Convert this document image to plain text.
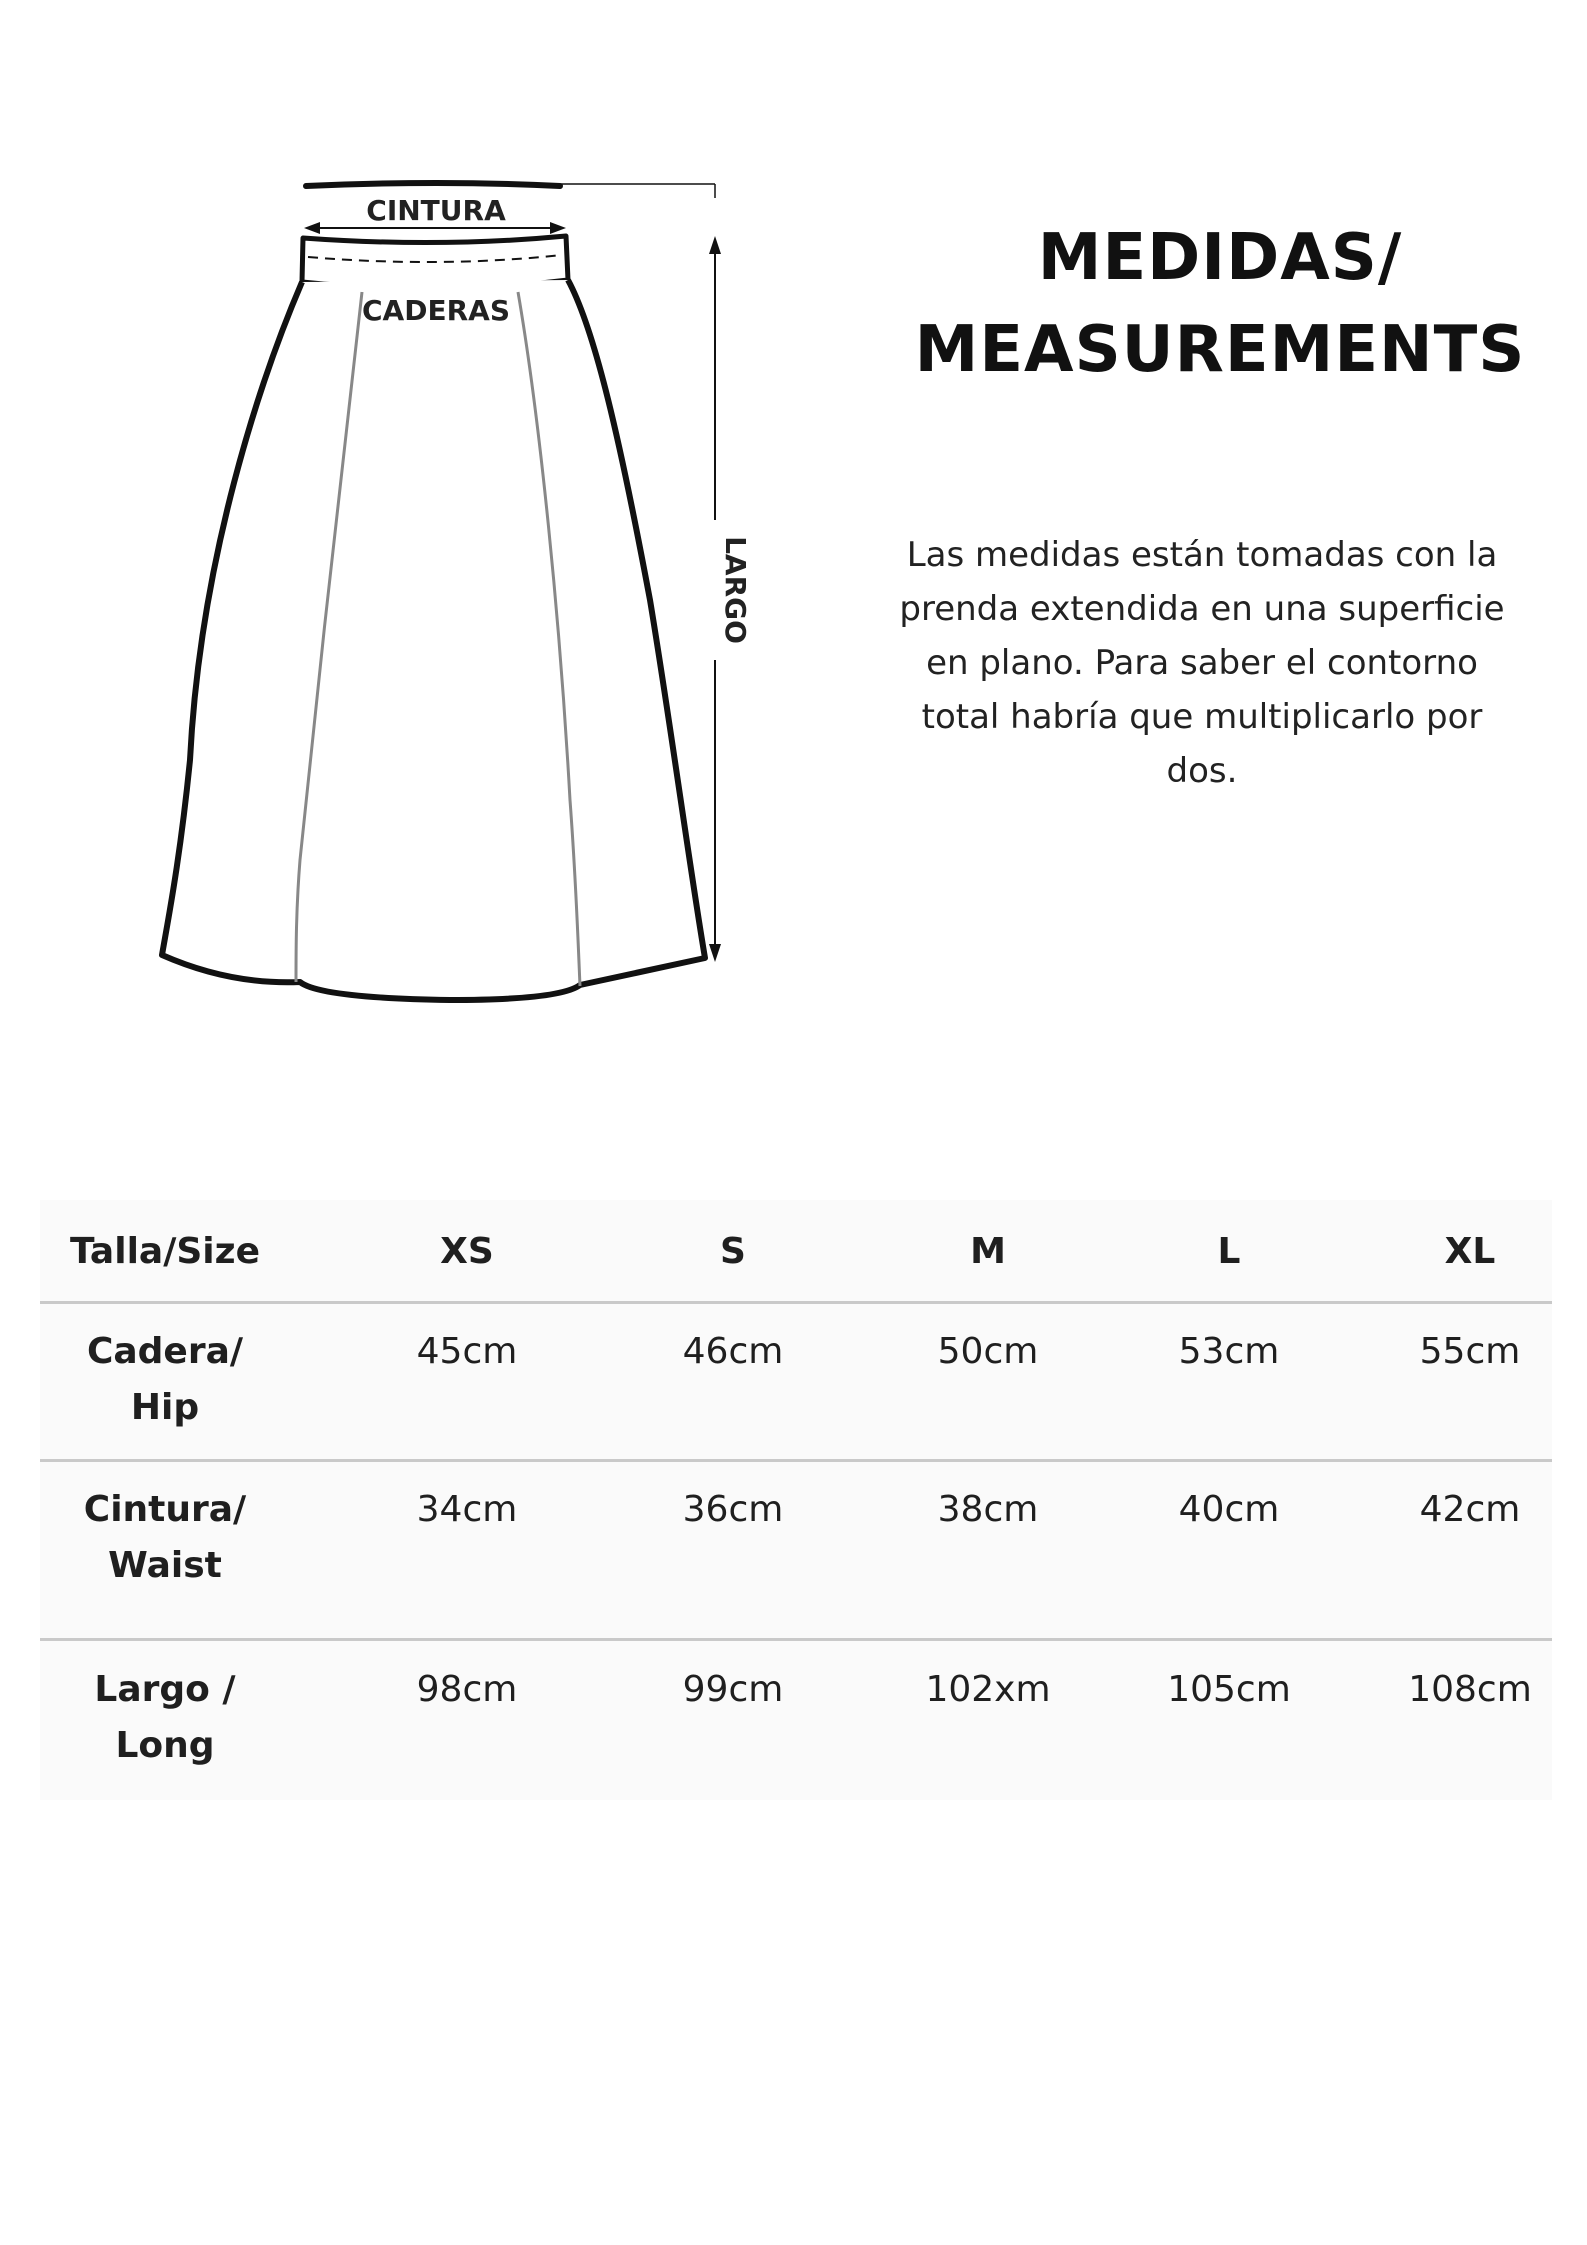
CINTURA
CADERAS
LARGO
MEDIDAS/
MEASUREMENTS
Las medidas están tomadas con la
prenda extendida en una superficie
en plano. Para saber el contorno
total habría que multiplicarlo por
dos.
Talla/Size	XS	S	M	L	XL
Cadera/
Hip
45cm	46cm	50cm	53cm	55cm
Cintura/
Waist
34cm	36cm	38cm	40cm	42cm
Largo /
Long
98cm	99cm	102xm	105cm	108cm
